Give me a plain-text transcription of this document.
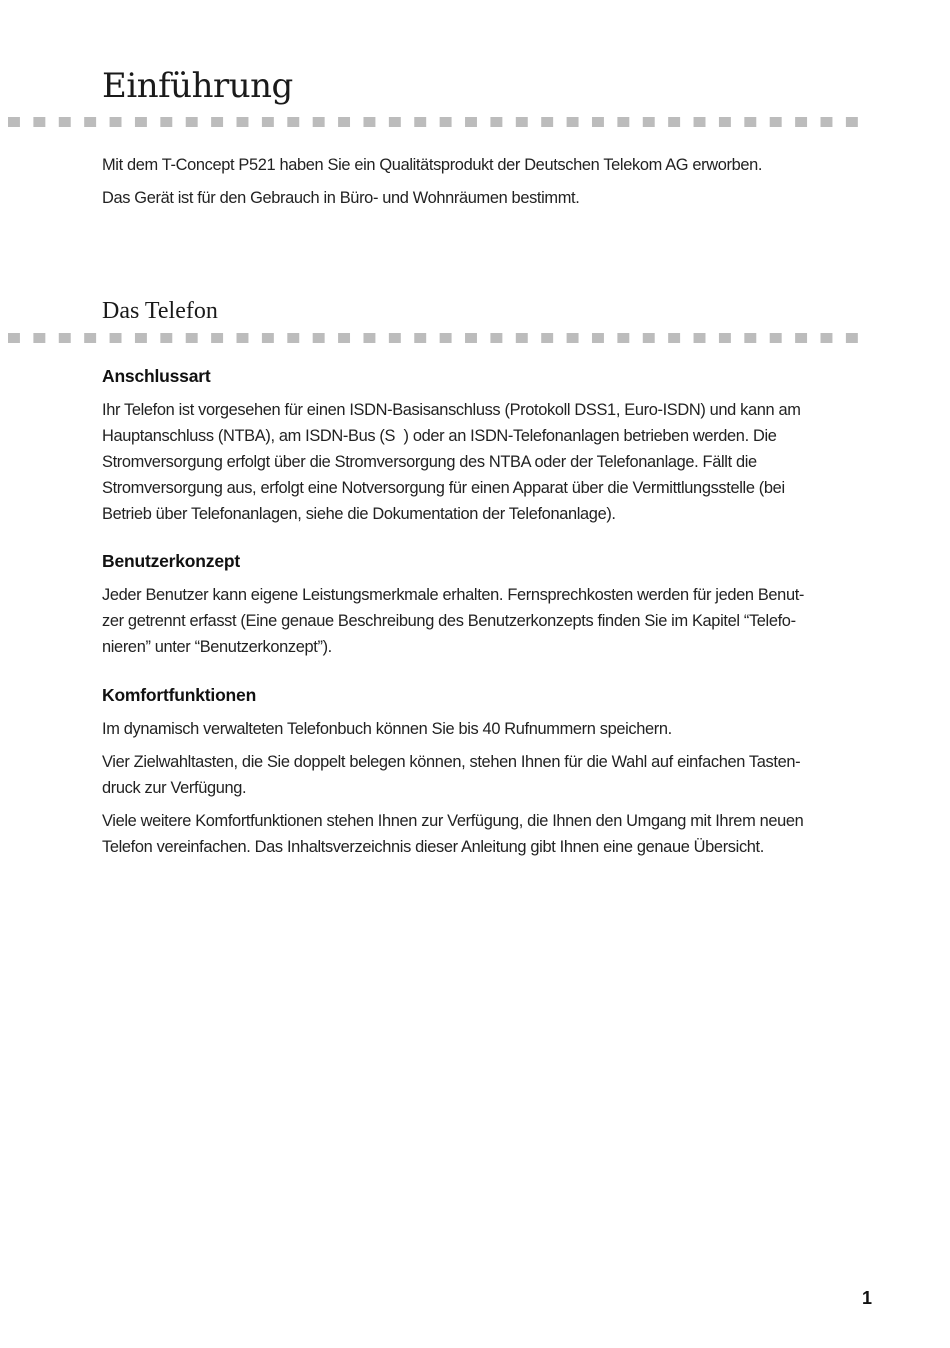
Einführung

Mit dem T-Concept P521 haben Sie ein Qualitätsprodukt der Deutschen Telekom AG erworben.

Das Gerät ist für den Gebrauch in Büro- und Wohnräumen bestimmt.

Das Telefon
Anschlussart

Ihr Telefon ist vorgesehen für einen ISDN-Basisanschluss (Protokoll DSS1, Euro-ISDN) und kann am
Hauptanschluss (NTBA), am ISDN-Bus (S  ) oder an ISDN-Telefonanlagen betrieben werden. Die
Stromversorgung erfolgt über die Stromversorgung des NTBA oder der Telefonanlage. Fällt die
Stromversorgung aus, erfolgt eine Notversorgung für einen Apparat über die Vermittlungsstelle (bei
Betrieb über Telefonanlagen, siehe die Dokumentation der Telefonanlage).

Benutzerkonzept

Jeder Benutzer kann eigene Leistungsmerkmale erhalten. Fernsprechkosten werden für jeden Benut-
zer getrennt erfasst (Eine genaue Beschreibung des Benutzerkonzepts finden Sie im Kapitel “Telefo-
nieren” unter “Benutzerkonzept”).

Komfortfunktionen

Im dynamisch verwalteten Telefonbuch können Sie bis 40 Rufnummern speichern.

Vier Zielwahltasten, die Sie doppelt belegen können, stehen Ihnen für die Wahl auf einfachen Tasten-
druck zur Verfügung.

Viele weitere Komfortfunktionen stehen Ihnen zur Verfügung, die Ihnen den Umgang mit Ihrem neuen
Telefon vereinfachen. Das Inhaltsverzeichnis dieser Anleitung gibt Ihnen eine genaue Übersicht.

1
